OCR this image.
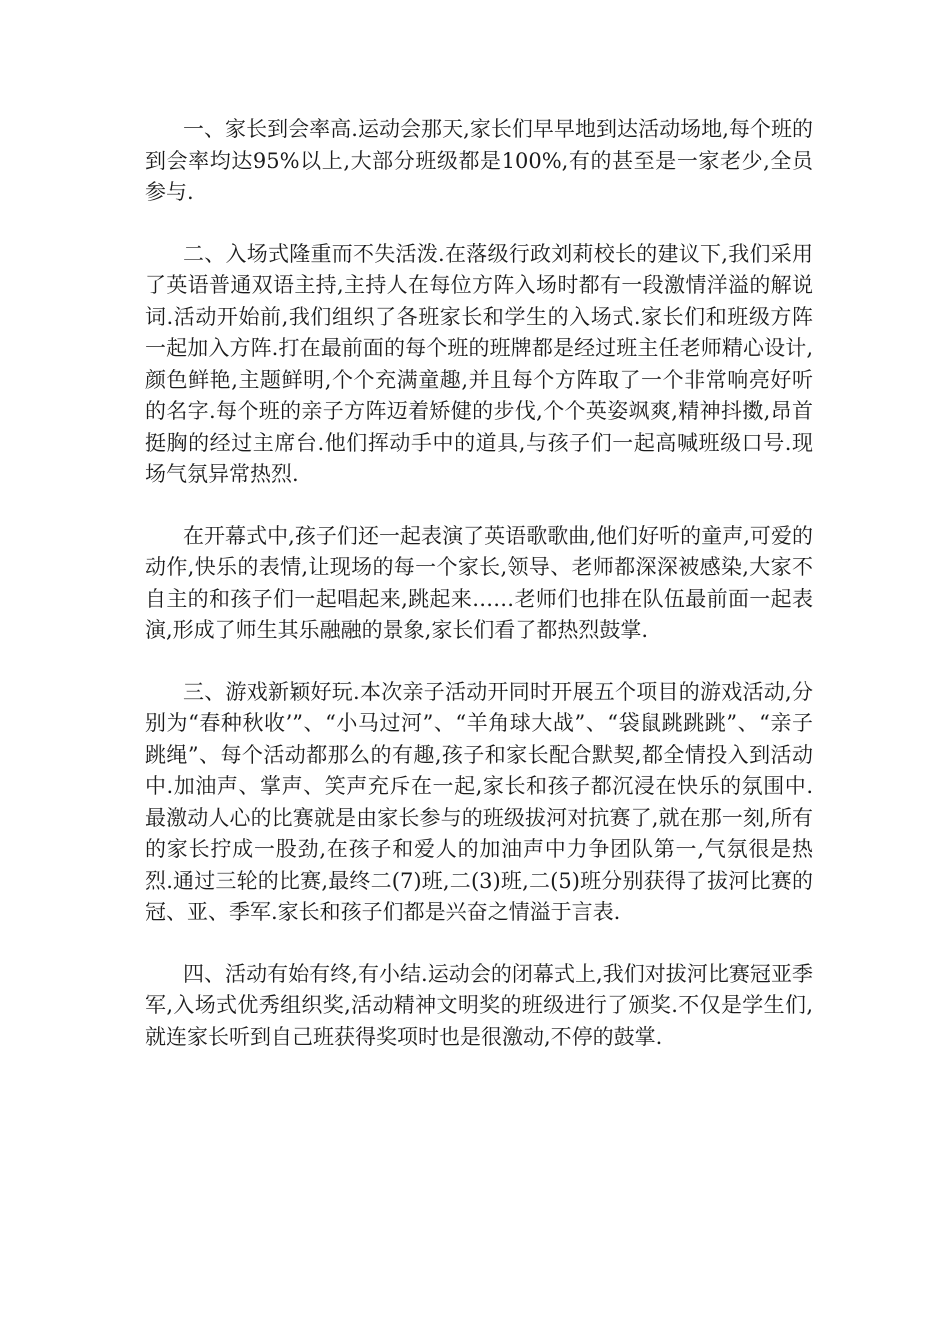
一、家长到会率高.运动会那天,家长们早早地到达活动场地,每个班的到会率均达95%以上,大部分班级都是100%,有的甚至是一家老少,全员参与.

二、入场式隆重而不失活泼.在落级行政刘莉校长的建议下,我们采用了英语普通双语主持,主持人在每位方阵入场时都有一段激情洋溢的解说词.活动开始前,我们组织了各班家长和学生的入场式.家长们和班级方阵一起加入方阵.打在最前面的每个班的班牌都是经过班主任老师精心设计,颜色鲜艳,主题鲜明,个个充满童趣,并且每个方阵取了一个非常响亮好听的名字.每个班的亲子方阵迈着矫健的步伐,个个英姿飒爽,精神抖擞,昂首挺胸的经过主席台.他们挥动手中的道具,与孩子们一起高喊班级口号.现场气氛异常热烈.

在开幕式中,孩子们还一起表演了英语歌歌曲,他们好听的童声,可爱的动作,快乐的表情,让现场的每一个家长,领导、老师都深深被感染,大家不自主的和孩子们一起唱起来,跳起来……老师们也排在队伍最前面一起表演,形成了师生其乐融融的景象,家长们看了都热烈鼓掌.

三、游戏新颖好玩.本次亲子活动开同时开展五个项目的游戏活动,分别为“春种秋收’”、“小马过河”、“羊角球大战”、“袋鼠跳跳跳”、“亲子跳绳”、每个活动都那么的有趣,孩子和家长配合默契,都全情投入到活动中.加油声、掌声、笑声充斥在一起,家长和孩子都沉浸在快乐的氛围中.最激动人心的比赛就是由家长参与的班级拔河对抗赛了,就在那一刻,所有的家长拧成一股劲,在孩子和爱人的加油声中力争团队第一,气氛很是热烈.通过三轮的比赛,最终二(7)班,二(3)班,二(5)班分别获得了拔河比赛的冠、亚、季军.家长和孩子们都是兴奋之情溢于言表.

四、活动有始有终,有小结.运动会的闭幕式上,我们对拔河比赛冠亚季军,入场式优秀组织奖,活动精神文明奖的班级进行了颁奖.不仅是学生们,就连家长听到自己班获得奖项时也是很激动,不停的鼓掌.
